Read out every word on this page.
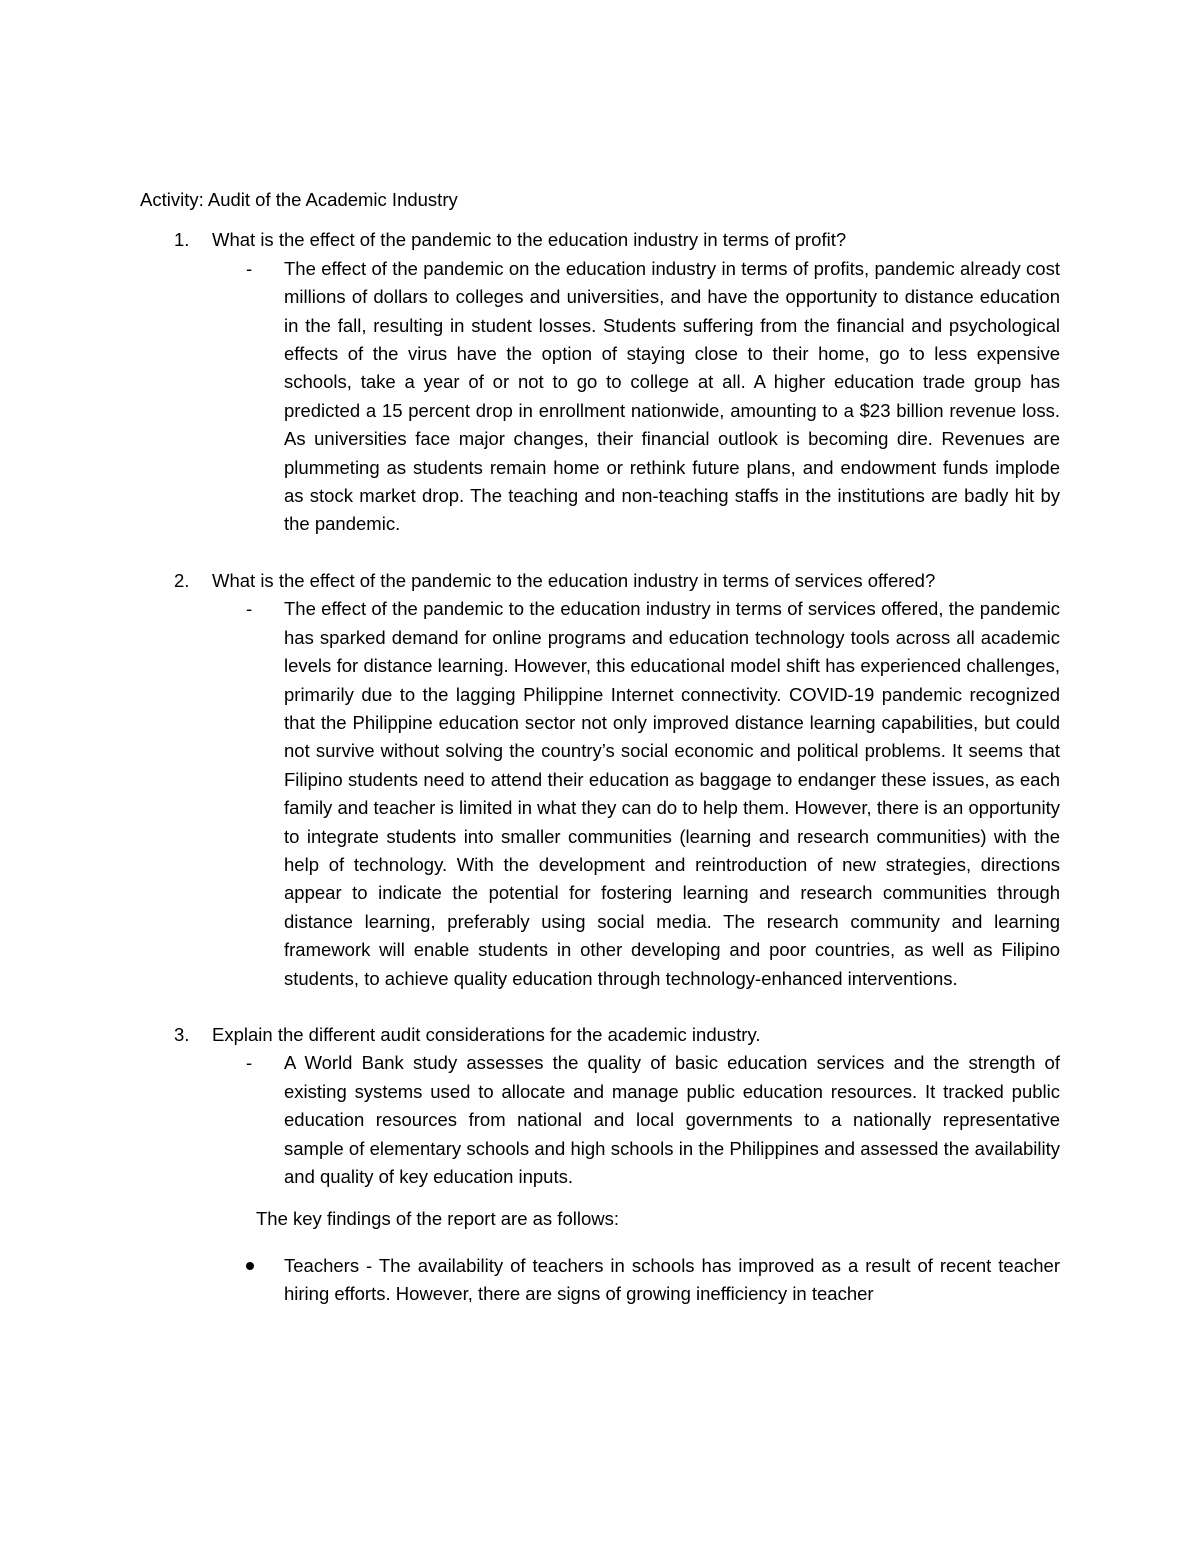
Activity: Audit of the Academic Industry

1. What is the effect of the pandemic to the education industry in terms of profit?

- The effect of the pandemic on the education industry in terms of profits, pandemic already cost millions of dollars to colleges and universities, and have the opportunity to distance education in the fall, resulting in student losses. Students suffering from the financial and psychological effects of the virus have the option of staying close to their home, go to less expensive schools, take a year of or not to go to college at all. A higher education trade group has predicted a 15 percent drop in enrollment nationwide, amounting to a $23 billion revenue loss. As universities face major changes, their financial outlook is becoming dire. Revenues are plummeting as students remain home or rethink future plans, and endowment funds implode as stock market drop. The teaching and non-teaching staffs in the institutions are badly hit by the pandemic.

2. What is the effect of the pandemic to the education industry in terms of services offered?

- The effect of the pandemic to the education industry in terms of services offered, the pandemic has sparked demand for online programs and education technology tools across all academic levels for distance learning. However, this educational model shift has experienced challenges, primarily due to the lagging Philippine Internet connectivity. COVID-19 pandemic recognized that the Philippine education sector not only improved distance learning capabilities, but could not survive without solving the country’s social economic and political problems. It seems that Filipino students need to attend their education as baggage to endanger these issues, as each family and teacher is limited in what they can do to help them. However, there is an opportunity to integrate students into smaller communities (learning and research communities) with the help of technology. With the development and reintroduction of new strategies, directions appear to indicate the potential for fostering learning and research communities through distance learning, preferably using social media. The research community and learning framework will enable students in other developing and poor countries, as well as Filipino students, to achieve quality education through technology-enhanced interventions.

3. Explain the different audit considerations for the academic industry.

- A World Bank study assesses the quality of basic education services and the strength of existing systems used to allocate and manage public education resources. It tracked public education resources from national and local governments to a nationally representative sample of elementary schools and high schools in the Philippines and assessed the availability and quality of key education inputs.

The key findings of the report are as follows:

Teachers - The availability of teachers in schools has improved as a result of recent teacher hiring efforts. However, there are signs of growing inefficiency in teacher
